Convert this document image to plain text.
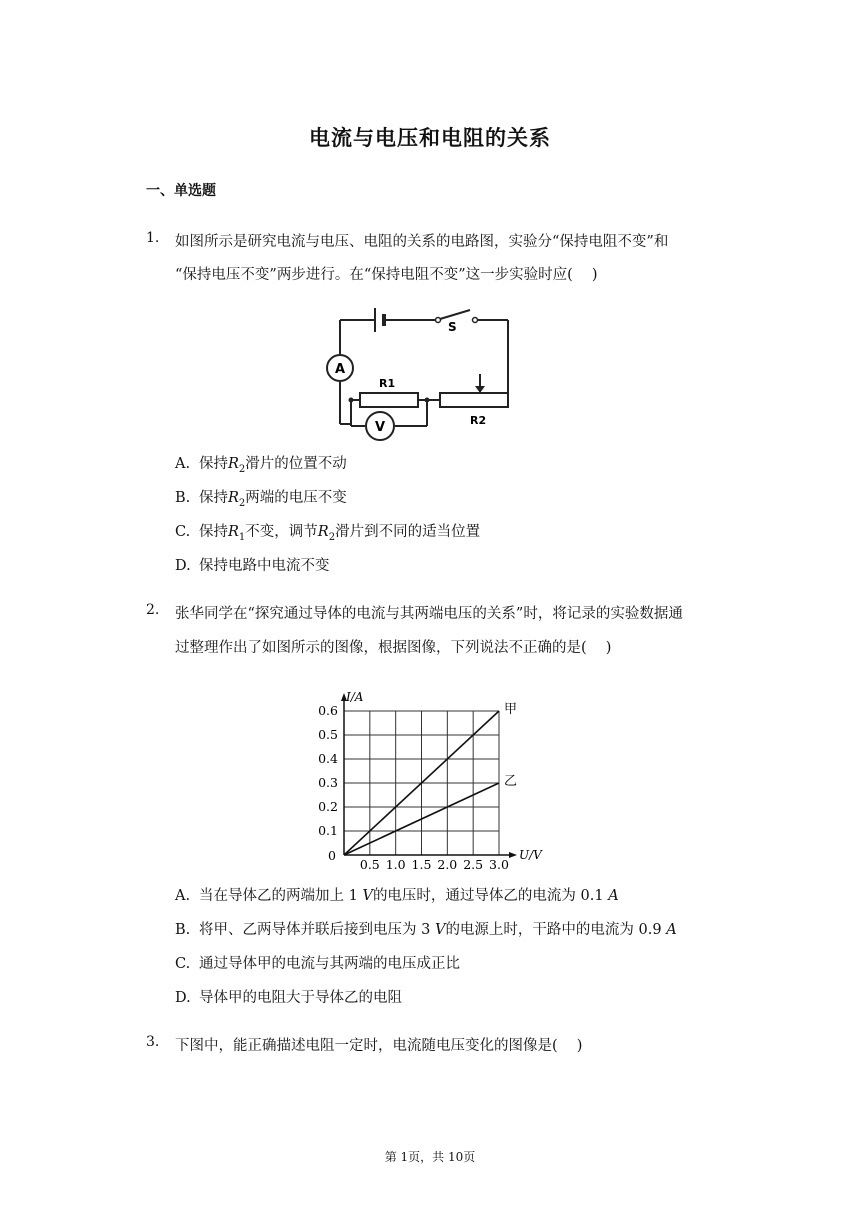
电流与电压和电阻的关系
一、单选题
1. 如图所示是研究电流与电压、电阻的关系的电路图，实验分“保持电阻不变”和
“保持电压不变”两步进行。在“保持电阻不变”这一步实验时应(　 )
S
A
R1
R2
V
A. 保持$R_2$滑片的位置不动
B. 保持$R_2$两端的电压不变
C. 保持$R_1$不变，调节$R_2$滑片到不同的适当位置
D. 保持电路中电流不变
2. 张华同学在“探究通过导体的电流与其两端电压的关系”时，将记录的实验数据通
过整理作出了如图所示的图像，根据图像，下列说法不正确的是(　 )
0.5 1.0 1.5 2.0 2.5 3.0
0.1
0.2
0.3
0.4
0.5
0.6
0
I/A
U/V
甲
乙
A. 当在导体乙的两端加上 1 V的电压时，通过导体乙的电流为 0.1 A
B. 将甲、乙两导体并联后接到电压为 3 V的电源上时，干路中的电流为 0.9 A
C. 通过导体甲的电流与其两端的电压成正比
D. 导体甲的电阻大于导体乙的电阻
3. 下图中，能正确描述电阻一定时，电流随电压变化的图像是(　 )
第 1页，共 10页
